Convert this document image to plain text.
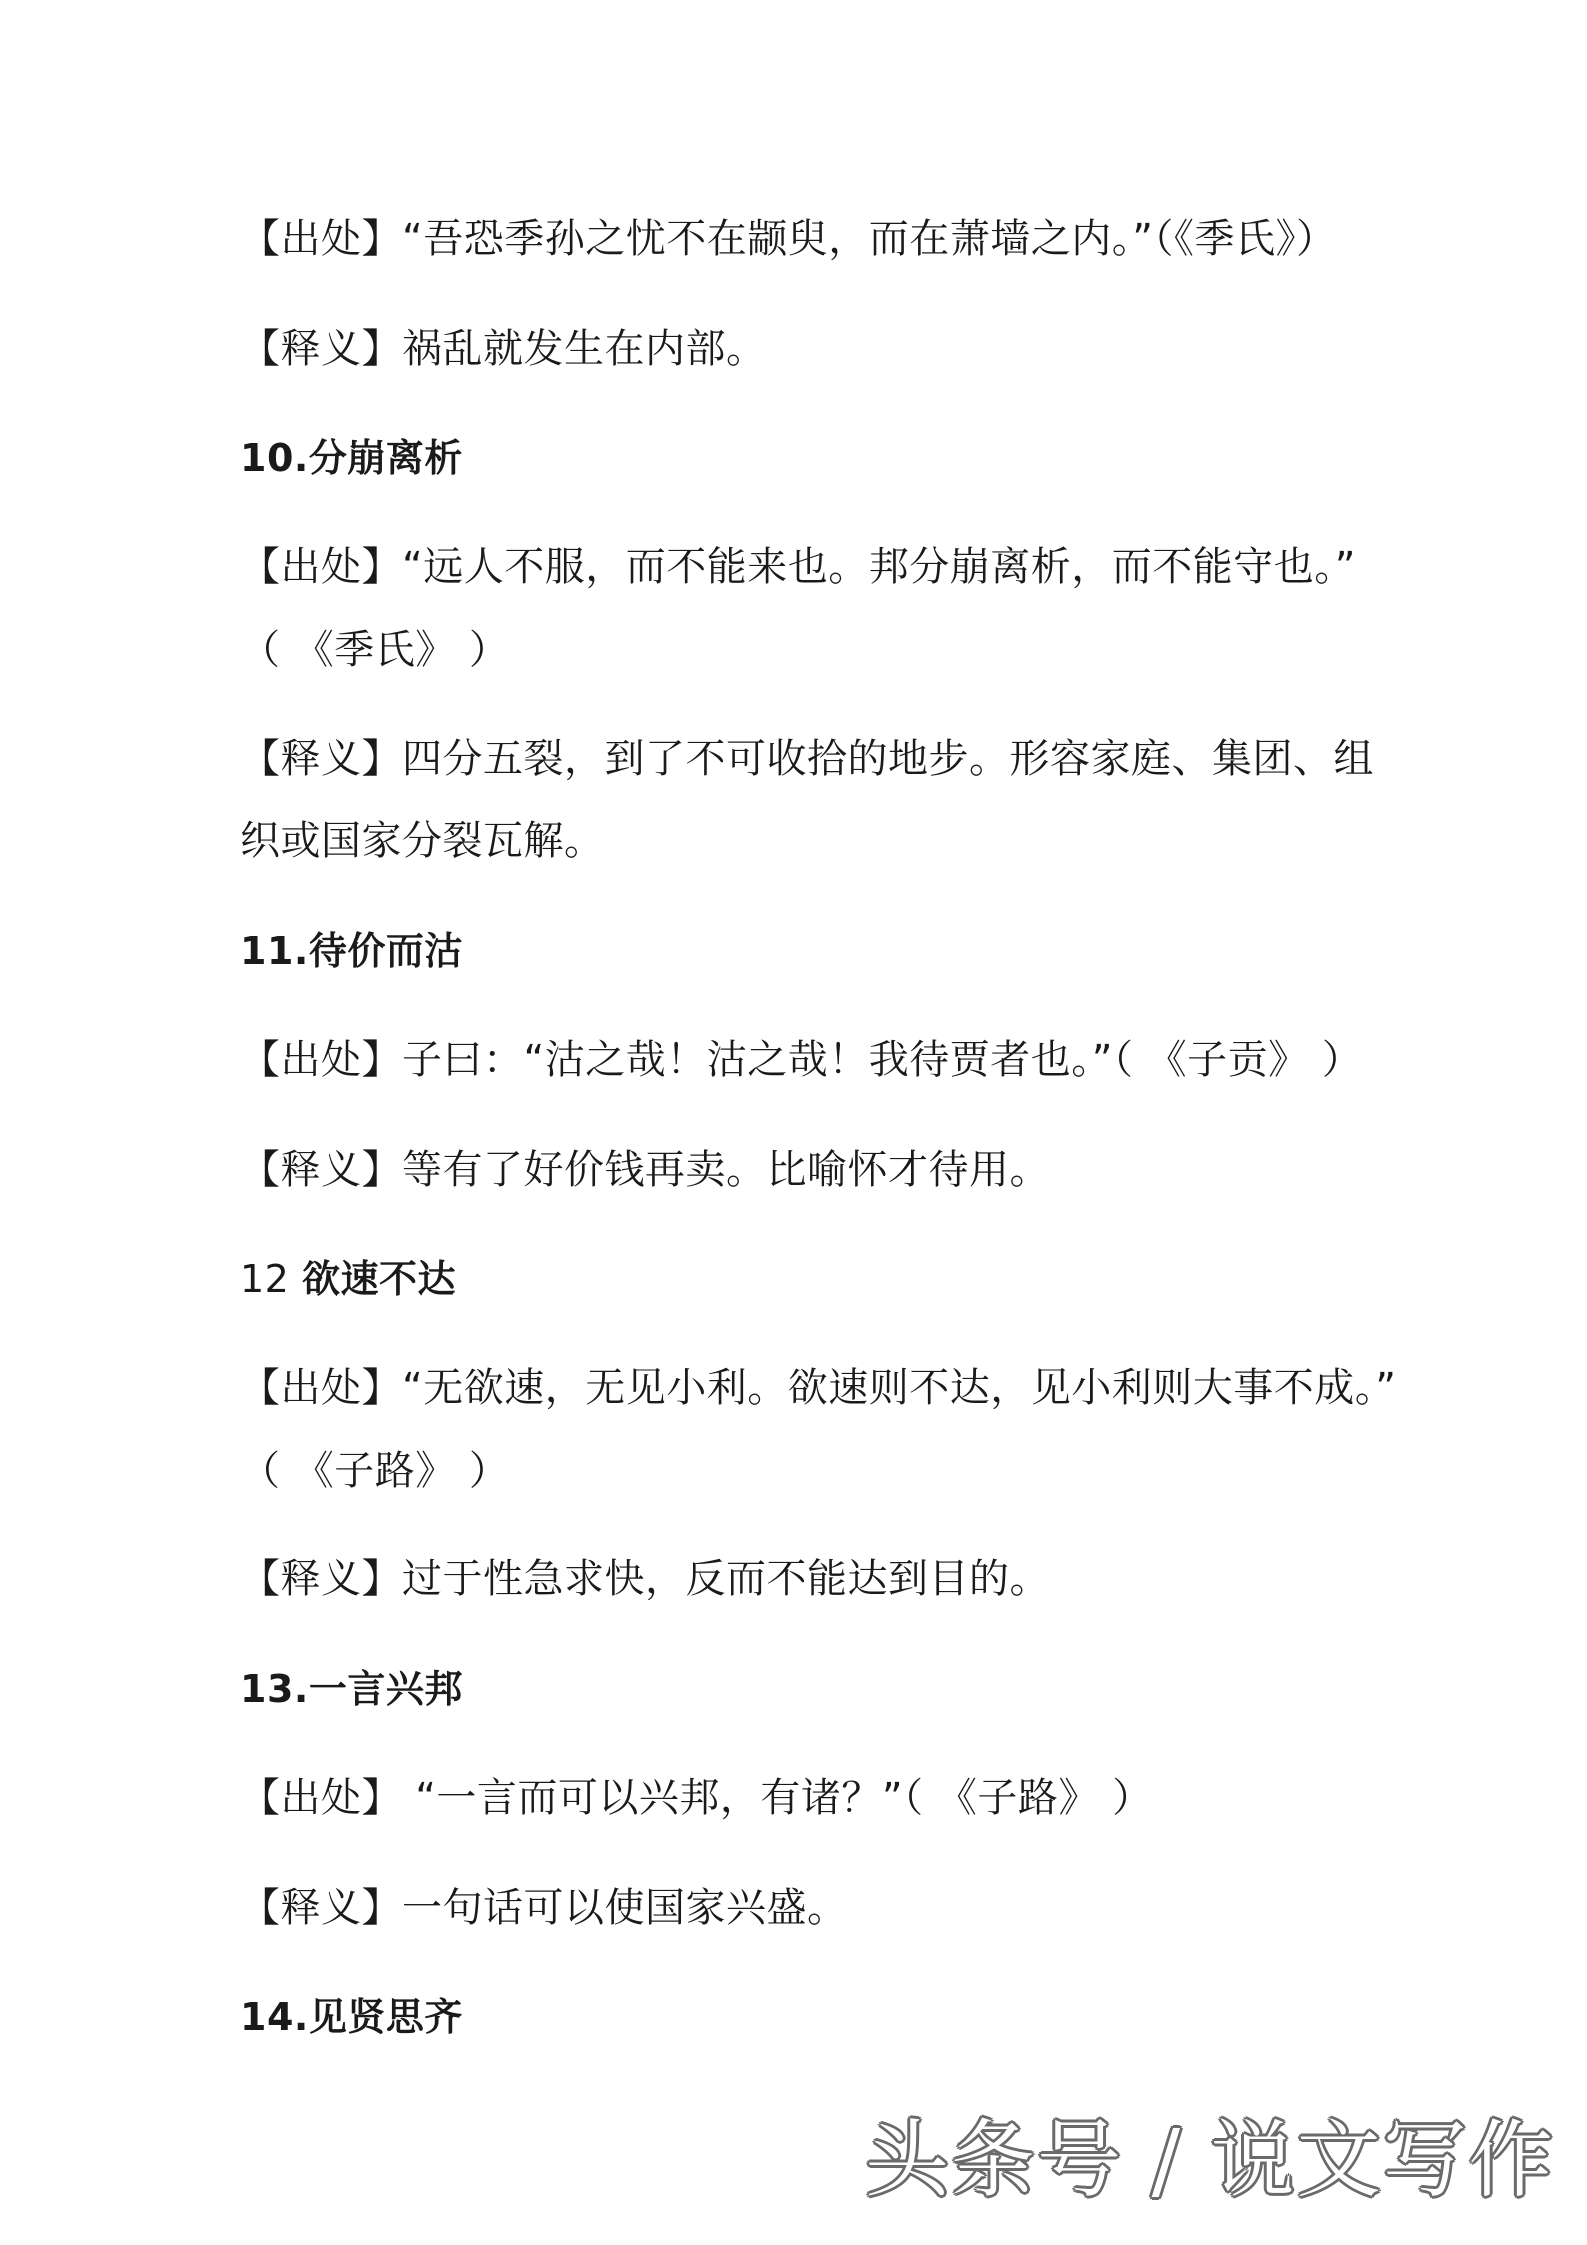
【出处】“吾恐季孙之忧不在颛臾，而在萧墙之内。”（《季氏》）
【释义】祸乱就发生在内部。
10.分崩离析
【出处】“远人不服，而不能来也。邦分崩离析，而不能守也。”
（ 《季氏》 ）
【释义】四分五裂，到了不可收拾的地步。形容家庭、集团、组
织或国家分裂瓦解。
11.待价而沽
【出处】子曰：“沽之哉！沽之哉！我待贾者也。”（ 《子贡》 ）
【释义】等有了好价钱再卖。比喻怀才待用。
12 欲速不达
【出处】“无欲速，无见小利。欲速则不达，见小利则大事不成。”
（ 《子路》 ）
【释义】过于性急求快，反而不能达到目的。
13.一言兴邦
【出处】 “一言而可以兴邦，有诸？”（ 《子路》 ）
【释义】一句话可以使国家兴盛。
14.见贤思齐
头条号 / 说文写作
